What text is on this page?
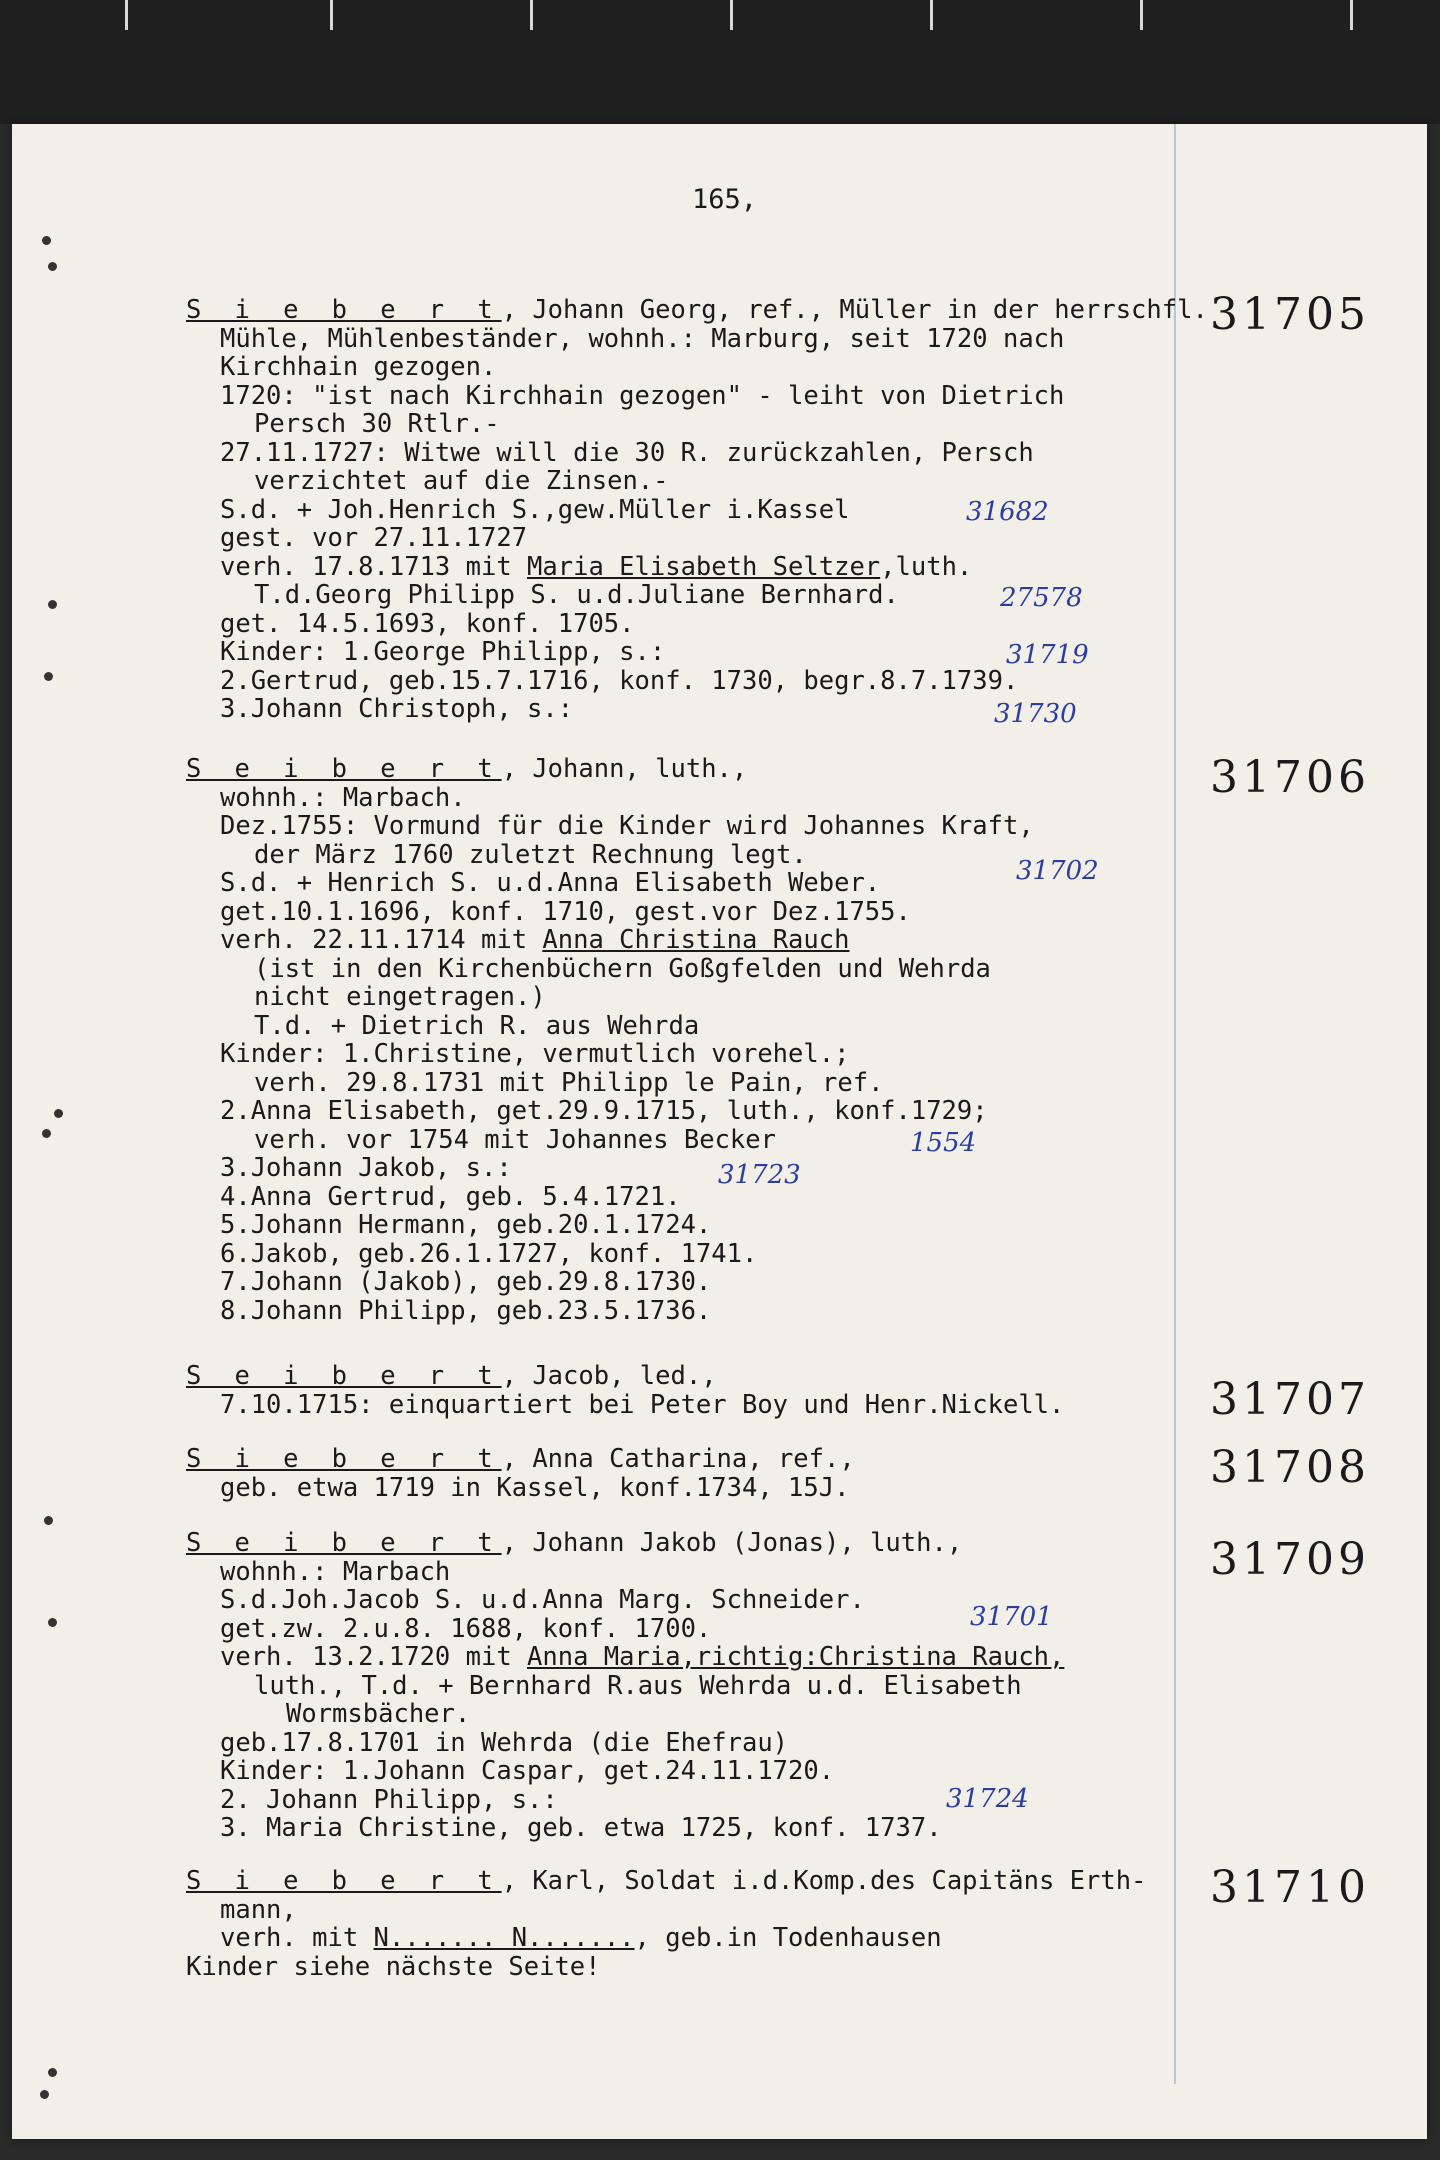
165,
S i e b e r t, Johann Georg, ref., Müller in der herrschfl.
Mühle, Mühlenbeständer, wohnh.: Marburg, seit 1720 nach
Kirchhain gezogen.
1720: "ist nach Kirchhain gezogen" - leiht von Dietrich
Persch 30 Rtlr.-
27.11.1727: Witwe will die 30 R. zurückzahlen, Persch
verzichtet auf die Zinsen.-
S.d. + Joh.Henrich S.,gew.Müller i.Kassel
gest. vor 27.11.1727
verh. 17.8.1713 mit Maria Elisabeth Seltzer,luth.
T.d.Georg Philipp S. u.d.Juliane Bernhard.
get. 14.5.1693, konf. 1705.
Kinder: 1.George Philipp, s.:
2.Gertrud, geb.15.7.1716, konf. 1730, begr.8.7.1739.
3.Johann Christoph, s.:
31705
31682
27578
31719
31730
S e i b e r t, Johann, luth.,
wohnh.: Marbach.
Dez.1755: Vormund für die Kinder wird Johannes Kraft,
der März 1760 zuletzt Rechnung legt.
S.d. + Henrich S. u.d.Anna Elisabeth Weber.
get.10.1.1696, konf. 1710, gest.vor Dez.1755.
verh. 22.11.1714 mit Anna Christina Rauch
(ist in den Kirchenbüchern Goßgfelden und Wehrda
nicht eingetragen.)
T.d. + Dietrich R. aus Wehrda
Kinder: 1.Christine, vermutlich vorehel.;
verh. 29.8.1731 mit Philipp le Pain, ref.
2.Anna Elisabeth, get.29.9.1715, luth., konf.1729;
verh. vor 1754 mit Johannes Becker
3.Johann Jakob, s.:
4.Anna Gertrud, geb. 5.4.1721.
5.Johann Hermann, geb.20.1.1724.
6.Jakob, geb.26.1.1727, konf. 1741.
7.Johann (Jakob), geb.29.8.1730.
8.Johann Philipp, geb.23.5.1736.
31706
31702
1554
31723
S e i b e r t, Jacob, led.,
7.10.1715: einquartiert bei Peter Boy und Henr.Nickell.	31707
S i e b e r t, Anna Catharina, ref.,
geb. etwa 1719 in Kassel, konf.1734, 15J.	31708
S e i b e r t, Johann Jakob (Jonas), luth.,
wohnh.: Marbach
S.d.Joh.Jacob S. u.d.Anna Marg. Schneider.
get.zw. 2.u.8. 1688, konf. 1700.
verh. 13.2.1720 mit Anna Maria,richtig:Christina Rauch,
luth., T.d. + Bernhard R.aus Wehrda u.d. Elisabeth
Wormsbächer.
geb.17.8.1701 in Wehrda (die Ehefrau)
Kinder: 1.Johann Caspar, get.24.11.1720.
2. Johann Philipp, s.:
3. Maria Christine, geb. etwa 1725, konf. 1737.
31709
31701
31724
S i e b e r t, Karl, Soldat i.d.Komp.des Capitäns Erth-
mann,
verh. mit N....... N......., geb.in Todenhausen
Kinder siehe nächste Seite!
31710
